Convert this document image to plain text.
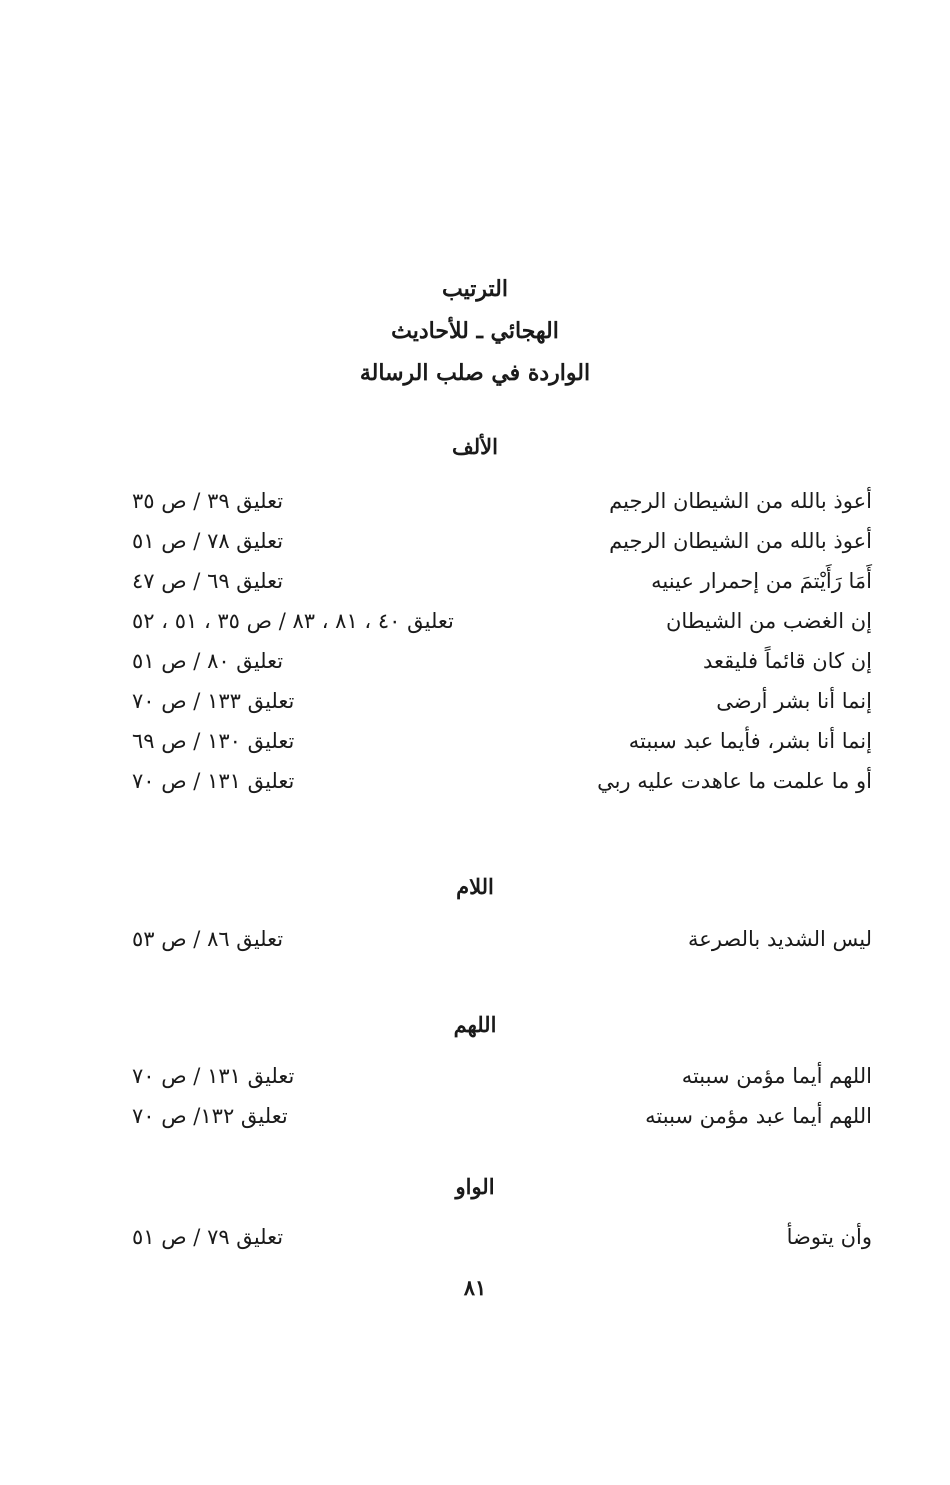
الترتيب
الهجائي ـ للأحاديث
الواردة في صلب الرسالة
الألف
أعوذ بالله من الشيطان الرجيم
تعليق ٣٩ / ص ٣٥
أعوذ بالله من الشيطان الرجيم
تعليق ٧٨ / ص ٥١
أَمَا رَأَيْتمَ من إحمرار عينيه
تعليق ٦٩ / ص ٤٧
إن الغضب من الشيطان
تعليق ٤٠ ، ٨١ ، ٨٣ / ص ٣٥ ، ٥١ ، ٥٢
إن كان قائماً فليقعد
تعليق ٨٠ / ص ٥١
إنما أنا بشر أرضى
تعليق ١٣٣ / ص ٧٠
إنما أنا بشر، فأيما عبد سببته
تعليق ١٣٠ / ص ٦٩
أو ما علمت ما عاهدت عليه ربي
تعليق ١٣١ / ص ٧٠
اللام
ليس الشديد بالصرعة
تعليق ٨٦ / ص ٥٣
اللهم
اللهم أيما مؤمن سببته
تعليق ١٣١ / ص ٧٠
اللهم أيما عبد مؤمن سببته
تعليق ١٣٢/ ص ٧٠
الواو
وأن يتوضأ
تعليق ٧٩ / ص ٥١
٨١
